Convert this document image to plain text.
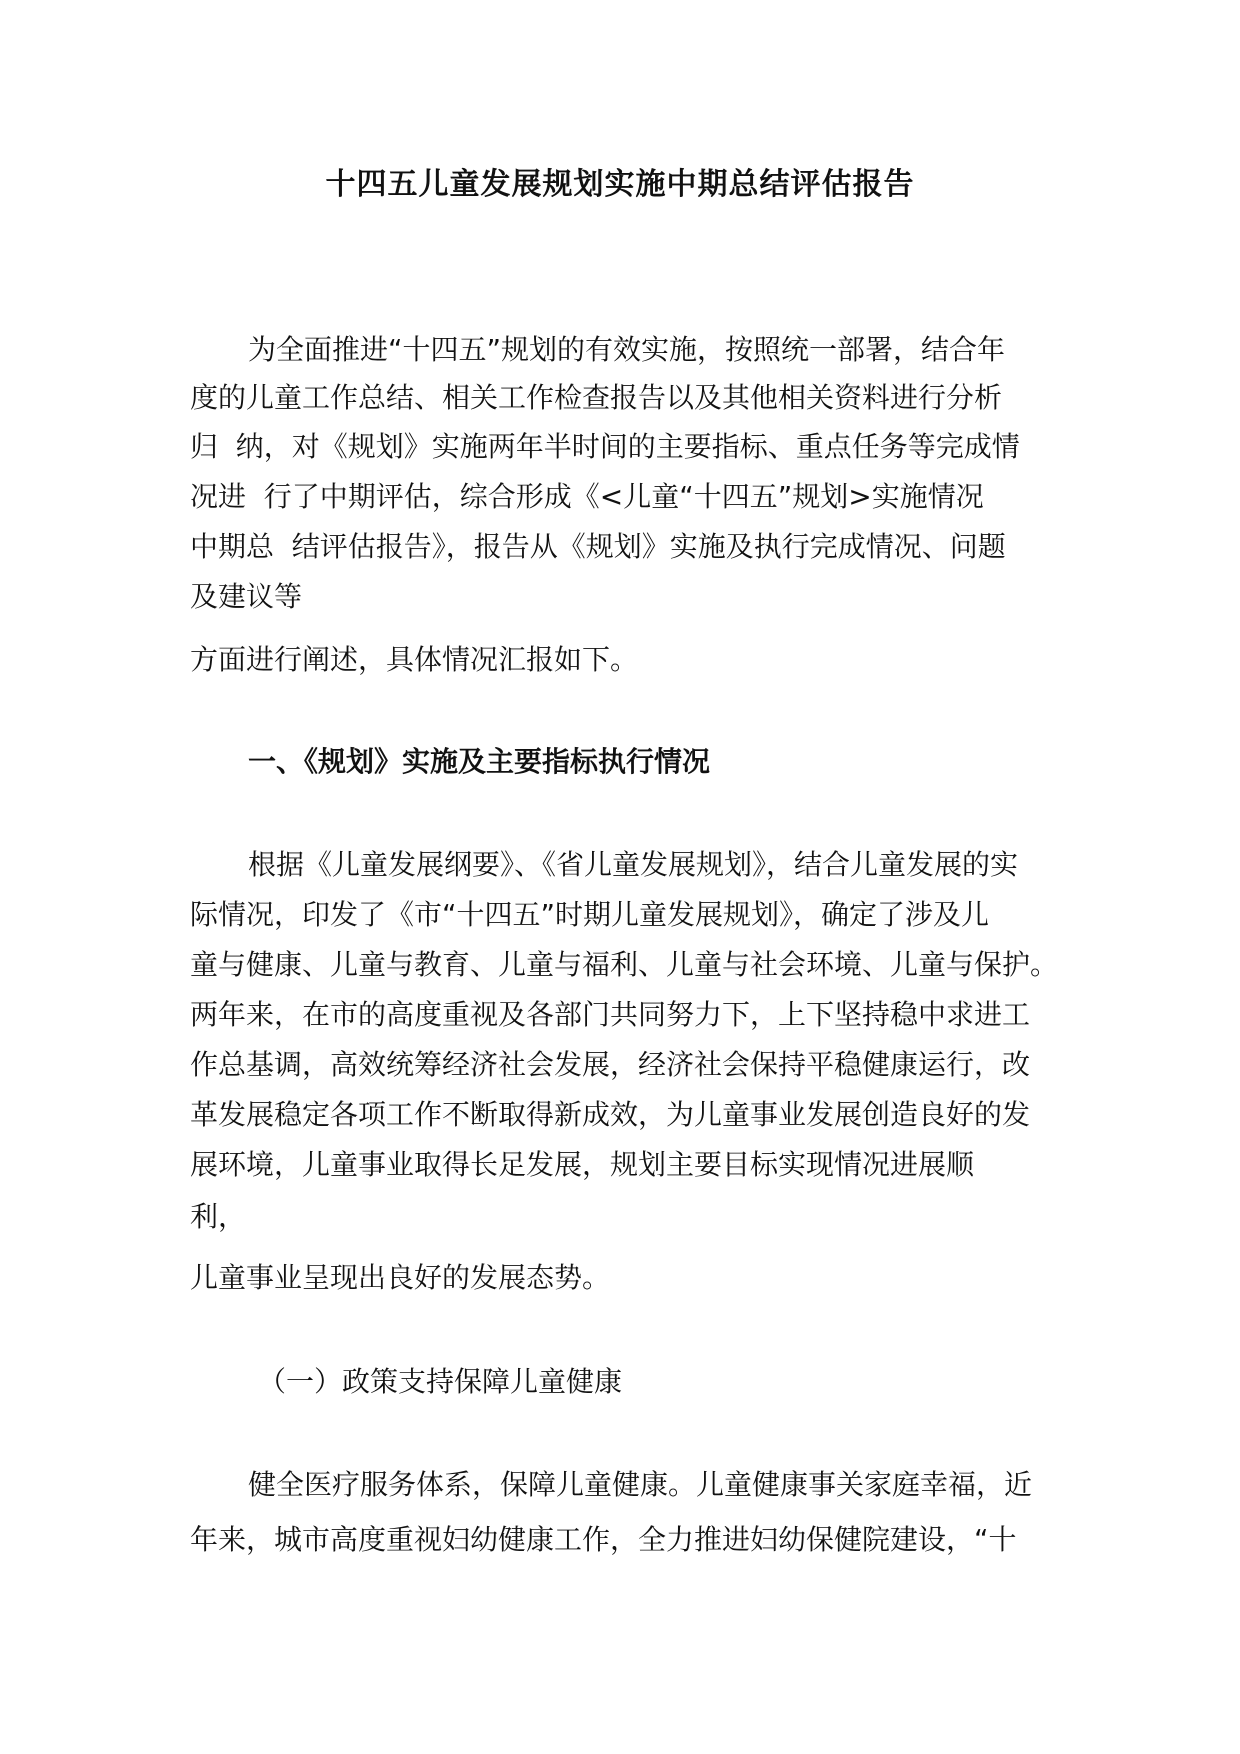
十四五儿童发展规划实施中期总结评估报告
为全面推进“十四五”规划的有效实施，按照统一部署，结合年
度的儿童工作总结、相关工作检查报告以及其他相关资料进行分析
归  纳，对《规划》实施两年半时间的主要指标、重点任务等完成情
况进  行了中期评估，综合形成《<儿童“十四五”规划>实施情况
中期总  结评估报告》，报告从《规划》实施及执行完成情况、问题
及建议等
方面进行阐述，具体情况汇报如下。
一、《规划》实施及主要指标执行情况
根据《儿童发展纲要》、《省儿童发展规划》，结合儿童发展的实
际情况，印发了《市“十四五”时期儿童发展规划》，确定了涉及儿
童与健康、儿童与教育、儿童与福利、儿童与社会环境、儿童与保护。
两年来，在市的高度重视及各部门共同努力下，上下坚持稳中求进工
作总基调，高效统筹经济社会发展，经济社会保持平稳健康运行，改
革发展稳定各项工作不断取得新成效，为儿童事业发展创造良好的发
展环境，儿童事业取得长足发展，规划主要目标实现情况进展顺
利，
儿童事业呈现出良好的发展态势。
（一）政策支持保障儿童健康
健全医疗服务体系，保障儿童健康。儿童健康事关家庭幸福，近
年来，城市高度重视妇幼健康工作，全力推进妇幼保健院建设，“十
